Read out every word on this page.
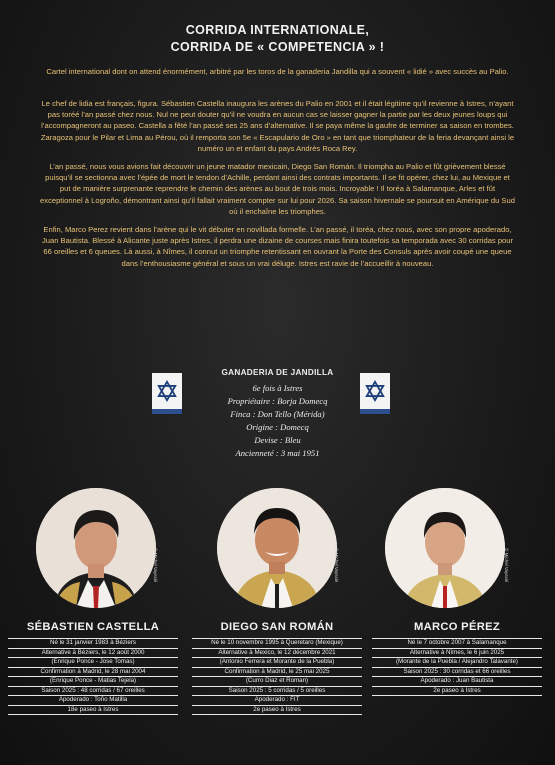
CORRIDA INTERNATIONALE,
CORRIDA DE « COMPETENCIA » !
Cartel international dont on attend énormément, arbitré par les toros de la ganaderia Jandilla qui a souvent « lidié » avec succès au Palio.

Le chef de lidia est français, figura. Sébastien Castella inaugura les arènes du Palio en 2001 et il était légitime qu’il revienne à Istres, n’ayant pas toréé l’an passé chez nous. Nul ne peut douter qu’il ne voudra en aucun cas se laisser gagner la partie par les deux jeunes loups qui l’accompagneront au paseo. Castella a fêté l’an passé ses 25 ans d’alternative. Il se paya même la gaufre de terminer sa saison en trombes. Zaragoza pour le Pilar et Lima au Pérou, où il remporta son 5e « Escapulario de Oro » en tant que triomphateur de la feria devançant ainsi le numéro un et enfant du pays Andrès Roca Rey.

L’an passé, nous vous avions fait découvrir un jeune matador mexicain, Diego San Román. Il triompha au Palio et fût grièvement blessé puisqu’il se sectionna avec l’épée de mort le tendon d’Achille, perdant ainsi des contrats importants. Il se fit opérer, chez lui, au Mexique et put de manière surprenante reprendre le chemin des arènes au bout de trois mois. Incroyable ! Il toréa à Salamanque, Arles et fût exceptionnel à Logroño, démontrant ainsi qu’il fallait vraiment compter sur lui pour 2026. Sa saison hivernale se poursuit en Amérique du Sud où il enchaîne les triomphes.

Enfin, Marco Perez revient dans l’arène qui le vit débuter en novillada formelle. L’an passé, il toréa, chez nous, avec son propre apoderado, Juan Bautista. Blessé à Alicante juste après Istres, il perdra une dizaine de courses mais finira toutefois sa temporada avec 30 corridas pour 66 oreilles et 6 queues. Là aussi, à Nîmes, il connut un triomphe retentissant en ouvrant la Porte des Consuls après avoir coupé une queue dans l’enthousiasme général et sous un vrai déluge. Istres est ravie de l’accueillir à nouveau.

GANADERIA DE JANDILLA
6e fois à Istres
Propriétaire : Borja Domecq
Finca : Don Tello (Mérida)
Origine : Domecq
Devise : Bleu
Ancienneté : 3 mai 1951
© Michel Vayssié	© Michel Vayssié	© Michel Vayssié
SÉBASTIEN CASTELLA
Né le 31 janvier 1983 à Béziers
Alternative à Béziers, le 12 août 2000
(Enrique Ponce - Jose Tomas)
Confirmation à Madrid, le 28 mai 2004
(Enrique Ponce - Matias Tejela)
Saison 2025 : 48 corridas / 67 oreilles
Apoderado : Toño Matilla
18e paseo à Istres
DIEGO SAN ROMÁN
Né le 10 novembre 1995 à Queretaro (Mexique)
Alternative à Mexico, le 12 décembre 2021
(Antonio Ferrera et Morante de la Puebla)
Confirmation à Madrid, le 25 mai 2025
(Curro Diaz et Roman)
Saison 2025 : 5 corridas / 5 oreilles
Apoderado : FIT
2e paseo à Istres
MARCO PÉREZ
Né le 7 octobre 2007 à Salamanque
Alternative à Nîmes, le 6 juin 2025
(Morante de la Puebla / Alejandro Talavante)
Saison 2025 : 30 corridas et 66 oreilles
Apoderado : Juan Bautista
2e paseo à Istres
